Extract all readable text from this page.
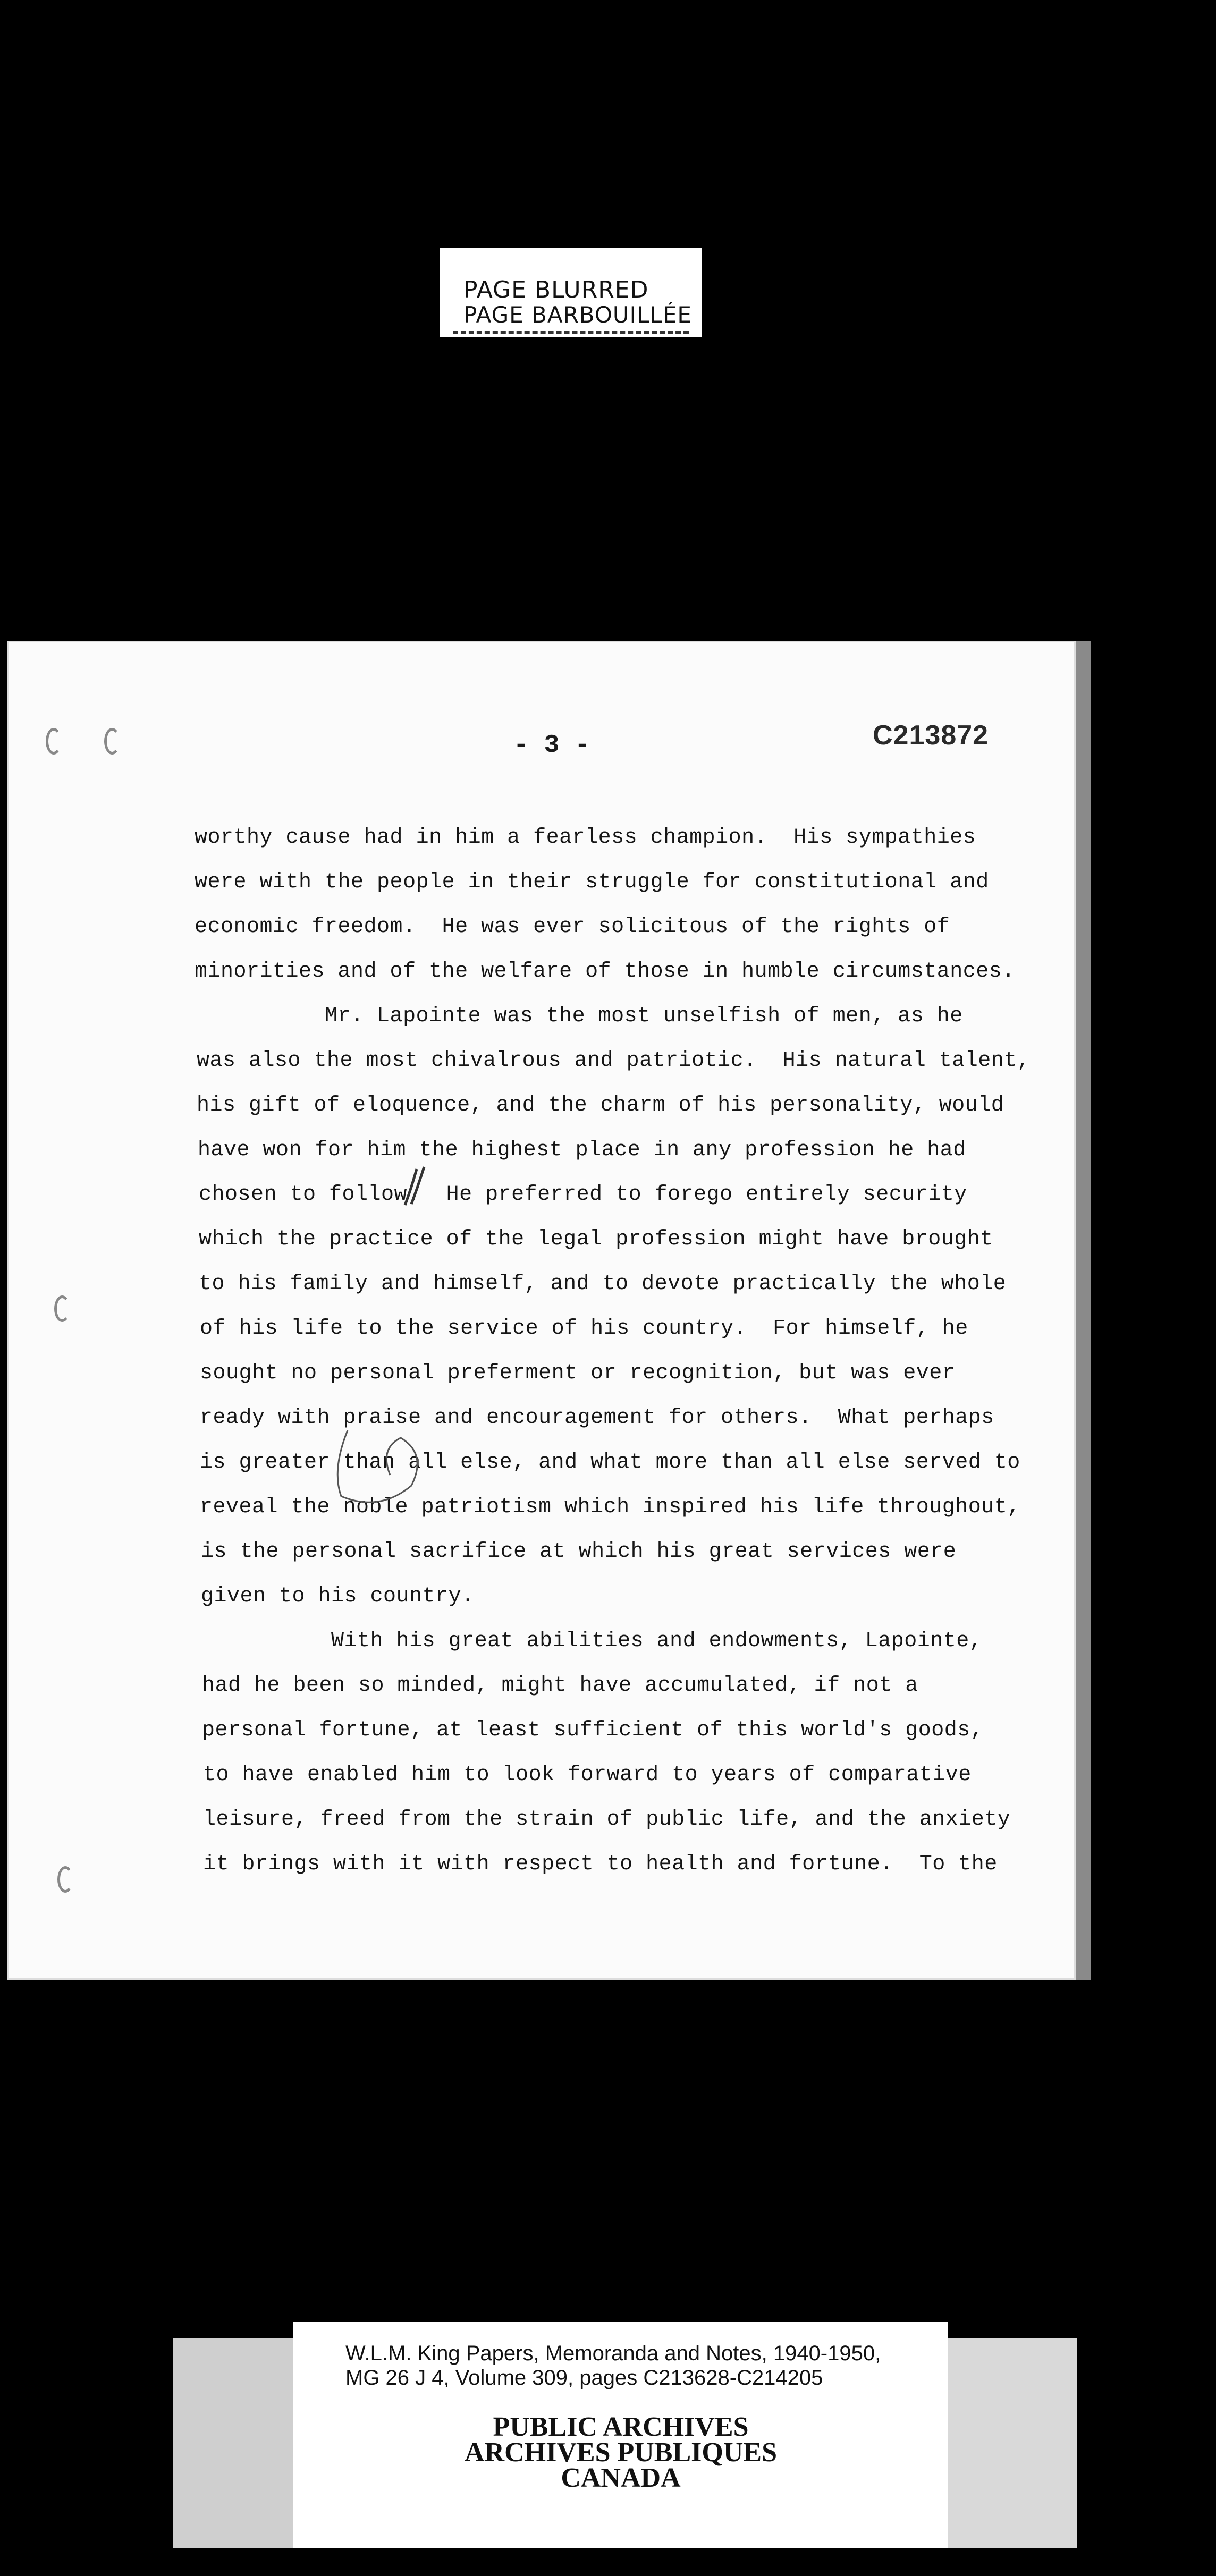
PAGE BLURRED
PAGE BARBOUILLÉE
- 3 -	C213872
worthy cause had in him a fearless champion.  His sympathies
were with the people in their struggle for constitutional and
economic freedom.  He was ever solicitous of the rights of
minorities and of the welfare of those in humble circumstances.
Mr. Lapointe was the most unselfish of men, as he
was also the most chivalrous and patriotic.  His natural talent,
his gift of eloquence, and the charm of his personality, would
have won for him the highest place in any profession he had
chosen to follow.  He preferred to forego entirely security
which the practice of the legal profession might have brought
to his family and himself, and to devote practically the whole
of his life to the service of his country.  For himself, he
sought no personal preferment or recognition, but was ever
ready with praise and encouragement for others.  What perhaps
is greater than all else, and what more than all else served to
reveal the noble patriotism which inspired his life throughout,
is the personal sacrifice at which his great services were
given to his country.
With his great abilities and endowments, Lapointe,
had he been so minded, might have accumulated, if not a
personal fortune, at least sufficient of this world's goods,
to have enabled him to look forward to years of comparative
leisure, freed from the strain of public life, and the anxiety
it brings with it with respect to health and fortune.  To the
W.L.M. King Papers, Memoranda and Notes, 1940-1950,
MG 26 J 4, Volume 309, pages C213628-C214205
PUBLIC ARCHIVES
ARCHIVES PUBLIQUES
CANADA
